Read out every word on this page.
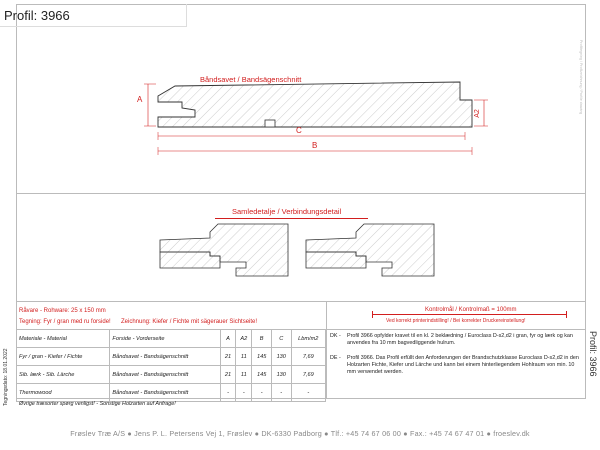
Profil: 3966
Båndsavet / Bandsägenschnitt
A
A2
C
B
Samledetalje / Verbindungsdetail
Råvare - Rohware: 25 x 150 mm
Tegning: Fyr / gran med ru forside! Zeichnung: Kiefer / Fichte mit sägerauer Sichtseite!
Kontrolmål / Kontrolmaß = 100mm
Ved korrekt printerindstilling! / Bei korrekter Druckereinstellung!
Materiale - Material	Forside - Vorderseite	A	A2	B	C	Lbm/m2
Fyr / gran - Kiefer / Fichte	Båndsavet - Bandsägenschnitt	21	11	145	130	7,69
Sib. lærk - Sib. Lärche	Båndsavet - Bandsägenschnitt	21	11	145	130	7,69
Thermowood	Båndsavet - Bandsägenschnitt	-	-	-	-	-
Øvrige træsorter spørg venligst! - Sonstige Holzarten auf Anfrage!
DK -	Profil 3966 opfylder kravet til en kl. 2 beklædning / Euroclass D-s2,d2 i gran, fyr og lærk og kan anvendes fra 10 mm bagvedliggende hulrum.
DE -	Profil 3966. Das Profil erfüllt den Anforderungen der Brandschutzklasse Euroclass D-s2,d2 in den Holzarten Fichte, Kiefer und Lärche und kann bei einem hinterliegendem Hohlraum von min. 10 mm verwendet werden.
Tegningsdato: 18.01.2022	Profil: 3966
Profiltegning / Profilzeichnung / Profile drawing
Frøslev Træ A/S ● Jens P. L. Petersens Vej 1, Frøslev ● DK-6330 Padborg ● Tlf.: +45 74 67 06 00 ● Fax.: +45 74 67 47 01 ● froeslev.dk
